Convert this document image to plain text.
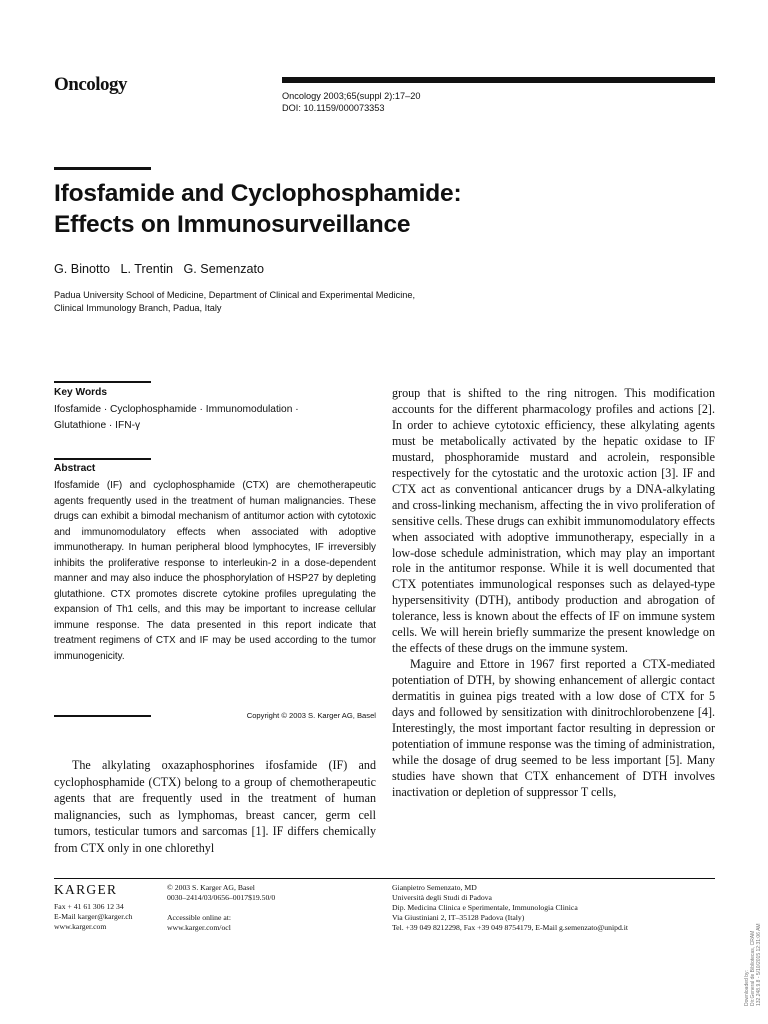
Oncology
Oncology 2003;65(suppl 2):17–20
DOI: 10.1159/000073353
Ifosfamide and Cyclophosphamide:
Effects on Immunosurveillance
G. Binotto   L. Trentin   G. Semenzato
Padua University School of Medicine, Department of Clinical and Experimental Medicine,
Clinical Immunology Branch, Padua, Italy
Key Words
Ifosfamide · Cyclophosphamide · Immunomodulation ·
Glutathione · IFN-γ
Abstract
Ifosfamide (IF) and cyclophosphamide (CTX) are chemotherapeutic agents frequently used in the treatment of human malignancies. These drugs can exhibit a bimodal mechanism of antitumor action with cytotoxic and immunomodulatory effects when associated with adoptive immunotherapy. In human peripheral blood lymphocytes, IF irreversibly inhibits the proliferative response to interleukin-2 in a dose-dependent manner and may also induce the phosphorylation of HSP27 by depleting glutathione. CTX promotes discrete cytokine profiles upregulating the expansion of Th1 cells, and this may be important to increase cellular immune response. The data presented in this report indicate that treatment regimens of CTX and IF may be used according to the tumor immunogenicity.
Copyright © 2003 S. Karger AG, Basel
The alkylating oxazaphosphorines ifosfamide (IF) and cyclophosphamide (CTX) belong to a group of chemotherapeutic agents that are frequently used in the treatment of human malignancies, such as lymphomas, breast cancer, germ cell tumors, testicular tumors and sarcomas [1]. IF differs chemically from CTX only in one chlorethyl

group that is shifted to the ring nitrogen. This modification accounts for the different pharmacology profiles and actions [2]. In order to achieve cytotoxic efficiency, these alkylating agents must be metabolically activated by the hepatic oxidase to IF mustard, phosphoramide mustard and acrolein, responsible respectively for the cytostatic and the urotoxic action [3]. IF and CTX act as conventional anticancer drugs by a DNA-alkylating and cross-linking mechanism, affecting the in vivo proliferation of sensitive cells. These drugs can exhibit immunomodulatory effects when associated with adoptive immunotherapy, especially in a low-dose schedule administration, which may play an important role in the antitumor response. While it is well documented that CTX potentiates immunological responses such as delayed-type hypersensitivity (DTH), antibody production and abrogation of tolerance, less is known about the effects of IF on immune system cells. We will herein briefly summarize the present knowledge on the effects of these drugs on the immune system.

Maguire and Ettore in 1967 first reported a CTX-mediated potentiation of DTH, by showing enhancement of allergic contact dermatitis in guinea pigs treated with a low dose of CTX for 5 days and followed by sensitization with dinitrochlorobenzene [4]. Interestingly, the most important factor resulting in depression or potentiation of immune response was the timing of administration, while the dosage of drug seemed to be less important [5]. Many studies have shown that CTX enhancement of DTH involves inactivation or depletion of suppressor T cells,

KARGER
Fax + 41 61 306 12 34
E-Mail karger@karger.ch
www.karger.com
© 2003 S. Karger AG, Basel
0030–2414/03/0656–0017$19.50/0
Accessible online at:
www.karger.com/ocl
Gianpietro Semenzato, MD
Università degli Studi di Padova
Dip. Medicina Clinica e Sperimentale, Immunologia Clinica
Via Giustiniani 2, IT–35128 Padova (Italy)
Tel. +39 049 8212298, Fax +39 049 8754179, E-Mail g.semenzato@unipd.it
Downloaded by: Dir.General de Bibliotecas, CRAM 132.248.9.8 - 5/10/2015 12:31:06 AM
